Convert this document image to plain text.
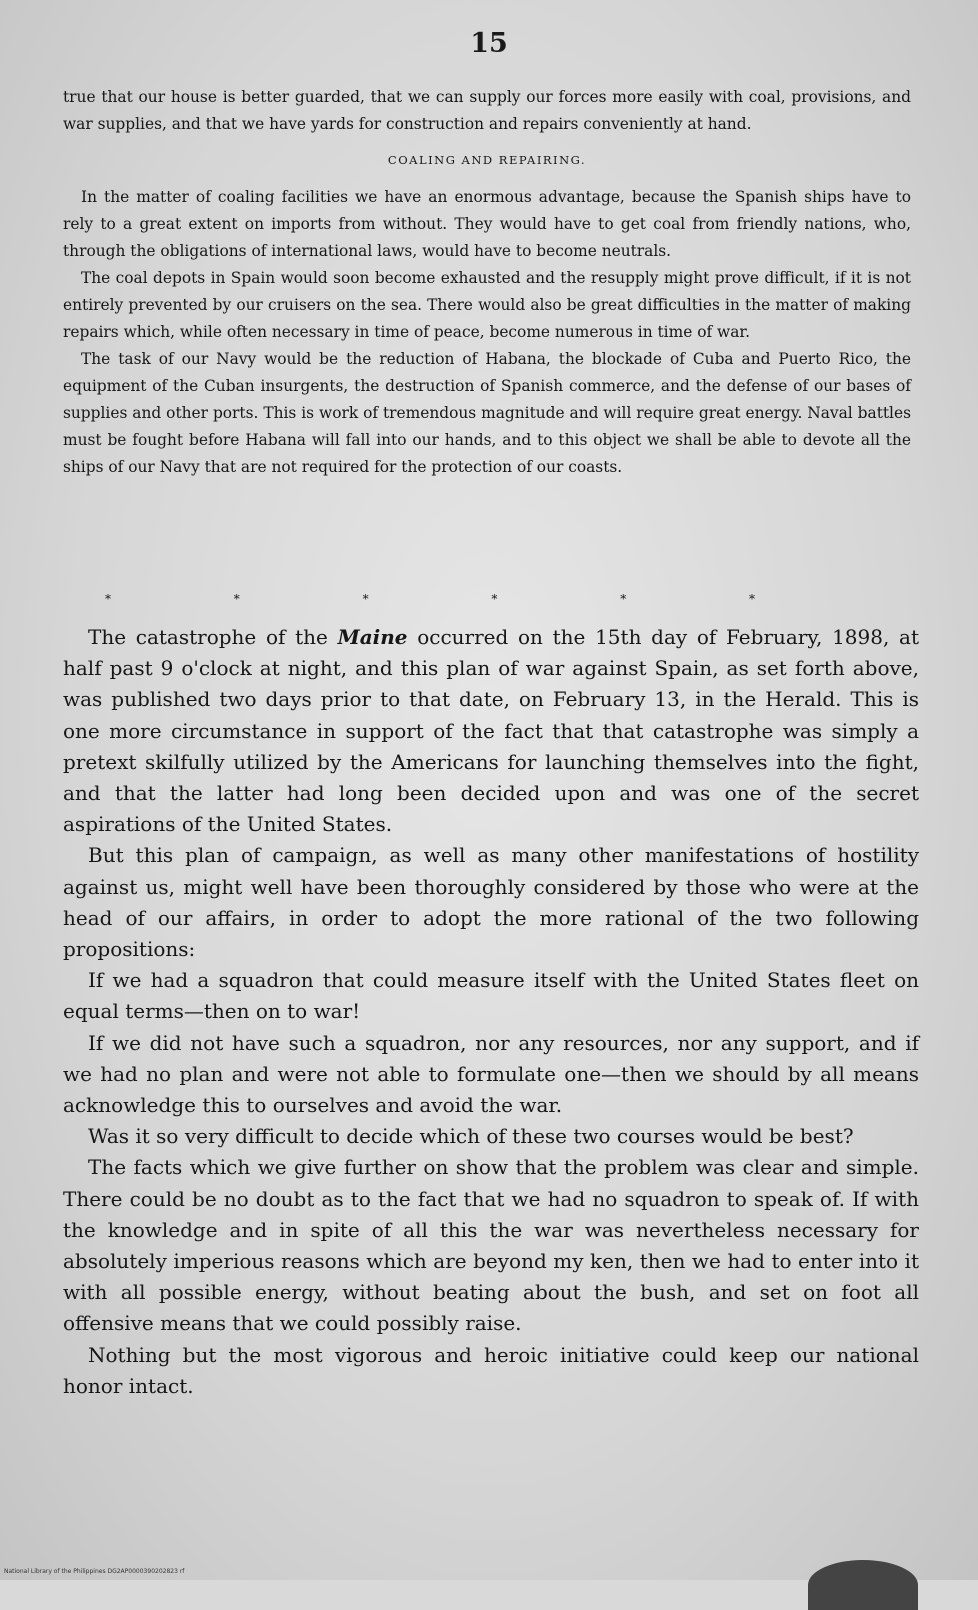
15

true that our house is better guarded, that we can supply our forces more easily with coal, provisions, and war supplies, and that we have yards for construction and repairs conveniently at hand.

COALING AND REPAIRING.

In the matter of coaling facilities we have an enormous advantage, because the Spanish ships have to rely to a great extent on imports from without. They would have to get coal from friendly nations, who, through the obligations of international laws, would have to become neutrals.

The coal depots in Spain would soon become exhausted and the resupply might prove difficult, if it is not entirely prevented by our cruisers on the sea. There would also be great difficulties in the matter of making repairs which, while often necessary in time of peace, become numerous in time of war.

The task of our Navy would be the reduction of Habana, the blockade of Cuba and Puerto Rico, the equipment of the Cuban insurgents, the destruction of Spanish commerce, and the defense of our bases of supplies and other ports. This is work of tremendous magnitude and will require great energy. Naval battles must be fought before Habana will fall into our hands, and to this object we shall be able to devote all the ships of our Navy that are not required for the protection of our coasts.

*	*	*	*	*	*

The catastrophe of the Maine occurred on the 15th day of February, 1898, at half past 9 o'clock at night, and this plan of war against Spain, as set forth above, was published two days prior to that date, on February 13, in the Herald. This is one more circumstance in support of the fact that that catastrophe was simply a pretext skilfully utilized by the Americans for launching themselves into the fight, and that the latter had long been decided upon and was one of the secret aspirations of the United States.

But this plan of campaign, as well as many other manifestations of hostility against us, might well have been thoroughly considered by those who were at the head of our affairs, in order to adopt the more rational of the two following propositions:

If we had a squadron that could measure itself with the United States fleet on equal terms—then on to war!

If we did not have such a squadron, nor any resources, nor any support, and if we had no plan and were not able to formulate one—then we should by all means acknowledge this to ourselves and avoid the war.

Was it so very difficult to decide which of these two courses would be best?

The facts which we give further on show that the problem was clear and simple. There could be no doubt as to the fact that we had no squadron to speak of. If with the knowledge and in spite of all this the war was nevertheless necessary for absolutely imperious reasons which are beyond my ken, then we had to enter into it with all possible energy, without beating about the bush, and set on foot all offensive means that we could possibly raise.

Nothing but the most vigorous and heroic initiative could keep our national honor intact.

National Library of the Philippines DG2AP0000390202823 rf
